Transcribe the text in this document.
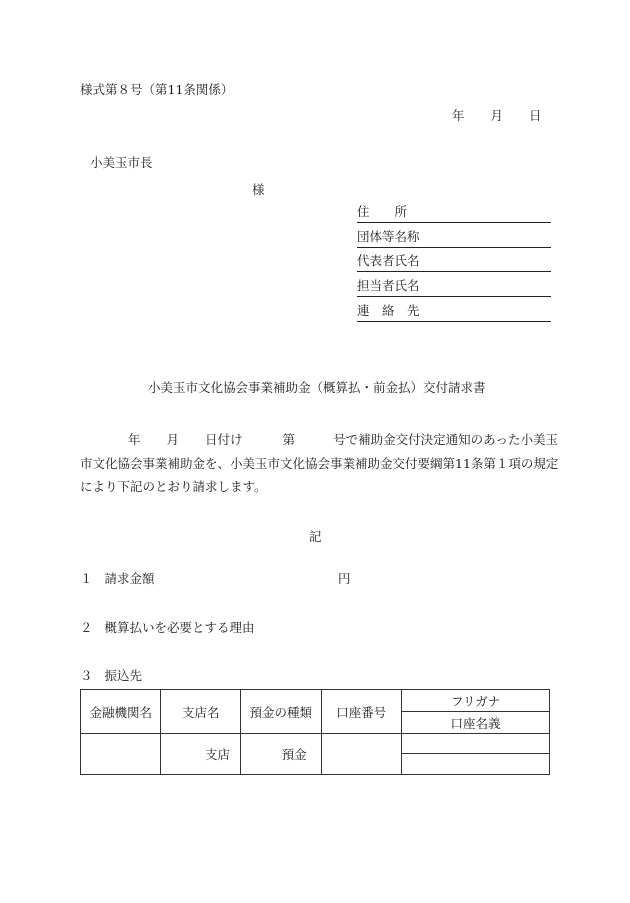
様式第８号（第11条関係）
年 月 日
小美玉市長
様
住　　所
団体等名称
代表者氏名
担当者氏名
連　絡　先
小美玉市文化協会事業補助金（概算払・前金払）交付請求書
年 月 日付け	第	号で補助金交付決定通知のあった小美玉
市文化協会事業補助金を、小美玉市文化協会事業補助金交付要綱第11条第１項の規定
により下記のとおり請求します。
記
１ 請求金額	円
２ 概算払いを必要とする理由
３ 振込先
金融機関名	支店名	預金の種類	口座番号	フリガナ
				口座名義
	支店	預金		
